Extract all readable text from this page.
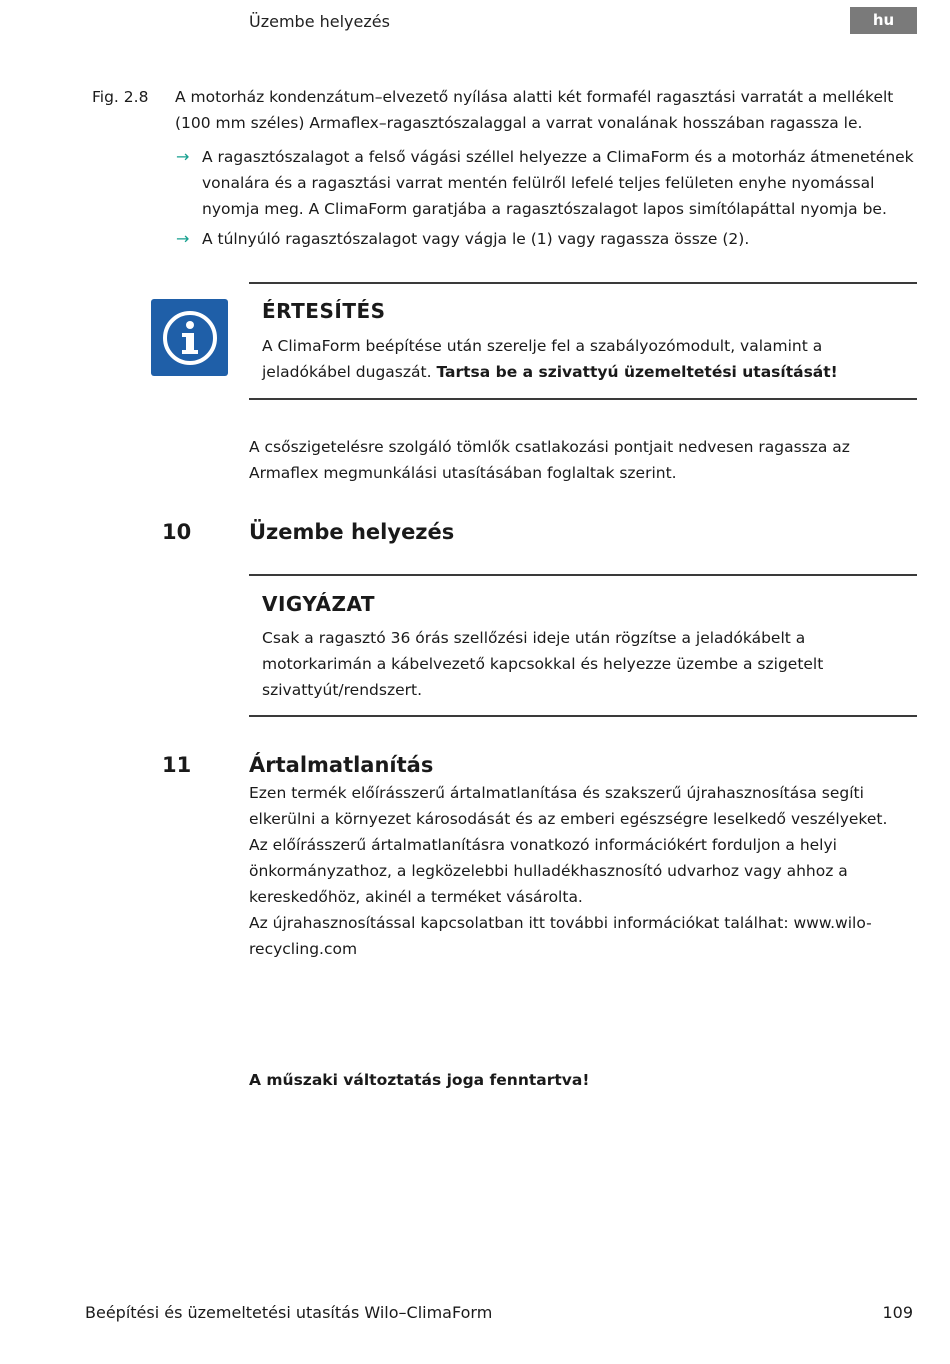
Üzembe helyezés	hu
Fig. 2.8 A motorház kondenzátum–elvezető nyílása alatti két formafél ragasztási varratát a mellékelt (100 mm széles) Armaflex–ragasztószalaggal a varrat vonalának hosszában ragassza le.
→ A ragasztószalagot a felső vágási széllel helyezze a ClimaForm és a motorház átmenetének vonalára és a ragasztási varrat mentén felülről lefelé teljes felületen enyhe nyomással nyomja meg. A ClimaForm garatjába a ragasztószalagot lapos simítólapáttal nyomja be.
→ A túlnyúló ragasztószalagot vagy vágja le (1) vagy ragassza össze (2).
ÉRTESÍTÉS
A ClimaForm beépítése után szerelje fel a szabályozómodult, valamint a jeladókábel dugaszát. Tartsa be a szivattyú üzemeltetési utasítását!
A csőszigetelésre szolgáló tömlők csatlakozási pontjait nedvesen ragassza az Armaflex megmunkálási utasításában foglaltak szerint.
10	Üzembe helyezés
VIGYÁZAT
Csak a ragasztó 36 órás szellőzési ideje után rögzítse a jeladókábelt a motorkarimán a kábelvezető kapcsokkal és helyezze üzembe a szigetelt szivattyút/rendszert.
11	Ártalmatlanítás
Ezen termék előírásszerű ártalmatlanítása és szakszerű újrahasznosítása segíti elkerülni a környezet károsodását és az emberi egészségre leselkedő veszélyeket.
Az előírásszerű ártalmatlanításra vonatkozó információkért forduljon a helyi önkormányzathoz, a legközelebbi hulladékhasznosító udvarhoz vagy ahhoz a kereskedőhöz, akinél a terméket vásárolta.
Az újrahasznosítással kapcsolatban itt további információkat találhat: www.wilo-recycling.com
A műszaki változtatás joga fenntartva!
Beépítési és üzemeltetési utasítás Wilo–ClimaForm	109
